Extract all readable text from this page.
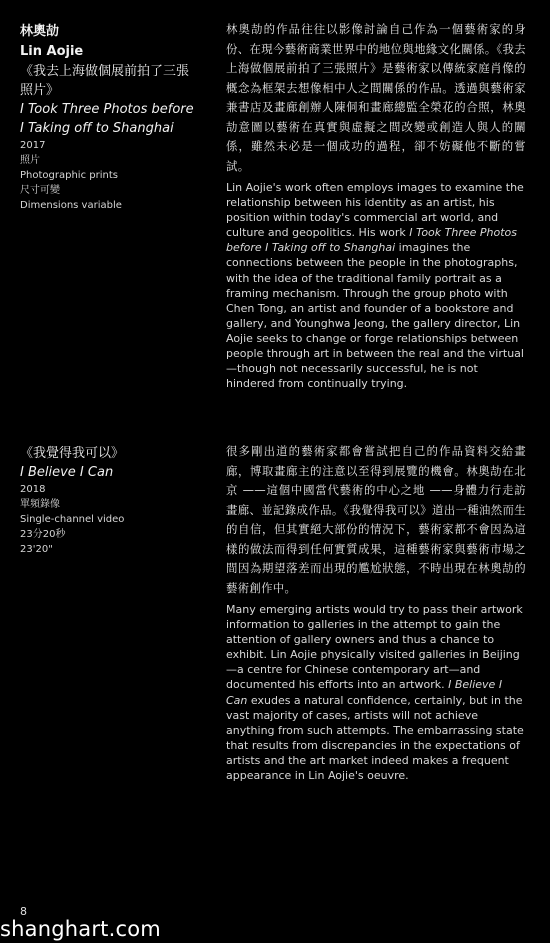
林奧劼
Lin Aojie
《我去上海做個展前拍了三張照片》
I Took Three Photos before I Taking off to Shanghai
2017
照片
Photographic prints
尺寸可變
Dimensions variable
林奧劼的作品往往以影像討論自己作為一個藝術家的身份、在現今藝術商業世界中的地位與地緣文化關係。《我去上海做個展前拍了三張照片》是藝術家以傳統家庭肖像的概念為框架去想像相中人之間關係的作品。透過與藝術家兼書店及畫廊創辦人陳侗和畫廊總監全榮花的合照，林奧劼意圖以藝術在真實與虛擬之間改變或創造人與人的關係，雖然未必是一個成功的過程，卻不妨礙他不斷的嘗試。
Lin Aojie's work often employs images to examine the relationship between his identity as an artist, his position within today's commercial art world, and culture and geopolitics. His work I Took Three Photos before I Taking off to Shanghai imagines the connections between the people in the photographs, with the idea of the traditional family portrait as a framing mechanism. Through the group photo with Chen Tong, an artist and founder of a bookstore and gallery, and Younghwa Jeong, the gallery director, Lin Aojie seeks to change or forge relationships between people through art in between the real and the virtual—though not necessarily successful, he is not hindered from continually trying.
《我覺得我可以》
I Believe I Can
2018
單頻錄像
Single-channel video
23分20秒
23'20"
很多剛出道的藝術家都會嘗試把自己的作品資料交給畫廊，博取畫廊主的注意以至得到展覽的機會。林奧劼在北京 ——這個中國當代藝術的中心之地 ——身體力行走訪畫廊、並記錄成作品。《我覺得我可以》道出一種油然而生的自信，但其實絕大部份的情況下，藝術家都不會因為這樣的做法而得到任何實質成果，這種藝術家與藝術市場之間因為期望落差而出現的尷尬狀態，不時出現在林奧劼的藝術創作中。
Many emerging artists would try to pass their artwork information to galleries in the attempt to gain the attention of gallery owners and thus a chance to exhibit. Lin Aojie physically visited galleries in Beijing—a centre for Chinese contemporary art—and documented his efforts into an artwork. I Believe I Can exudes a natural confidence, certainly, but in the vast majority of cases, artists will not achieve anything from such attempts. The embarrassing state that results from discrepancies in the expectations of artists and the art market indeed makes a frequent appearance in Lin Aojie's oeuvre.
8
shanghart.com
